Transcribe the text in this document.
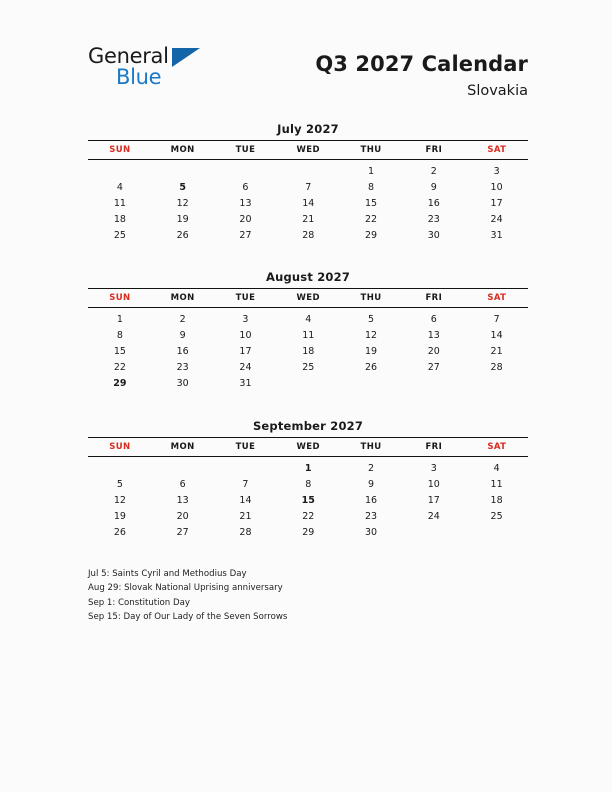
General
Blue
Q3 2027 Calendar
Slovakia
July 2027
SUN	MON	TUE	WED	THU	FRI	SAT
				1	2	3
4	5	6	7	8	9	10
11	12	13	14	15	16	17
18	19	20	21	22	23	24
25	26	27	28	29	30	31
August 2027
SUN	MON	TUE	WED	THU	FRI	SAT
1	2	3	4	5	6	7
8	9	10	11	12	13	14
15	16	17	18	19	20	21
22	23	24	25	26	27	28
29	30	31				
September 2027
SUN	MON	TUE	WED	THU	FRI	SAT
			1	2	3	4
5	6	7	8	9	10	11
12	13	14	15	16	17	18
19	20	21	22	23	24	25
26	27	28	29	30		
Jul 5: Saints Cyril and Methodius Day
Aug 29: Slovak National Uprising anniversary
Sep 1: Constitution Day
Sep 15: Day of Our Lady of the Seven Sorrows
